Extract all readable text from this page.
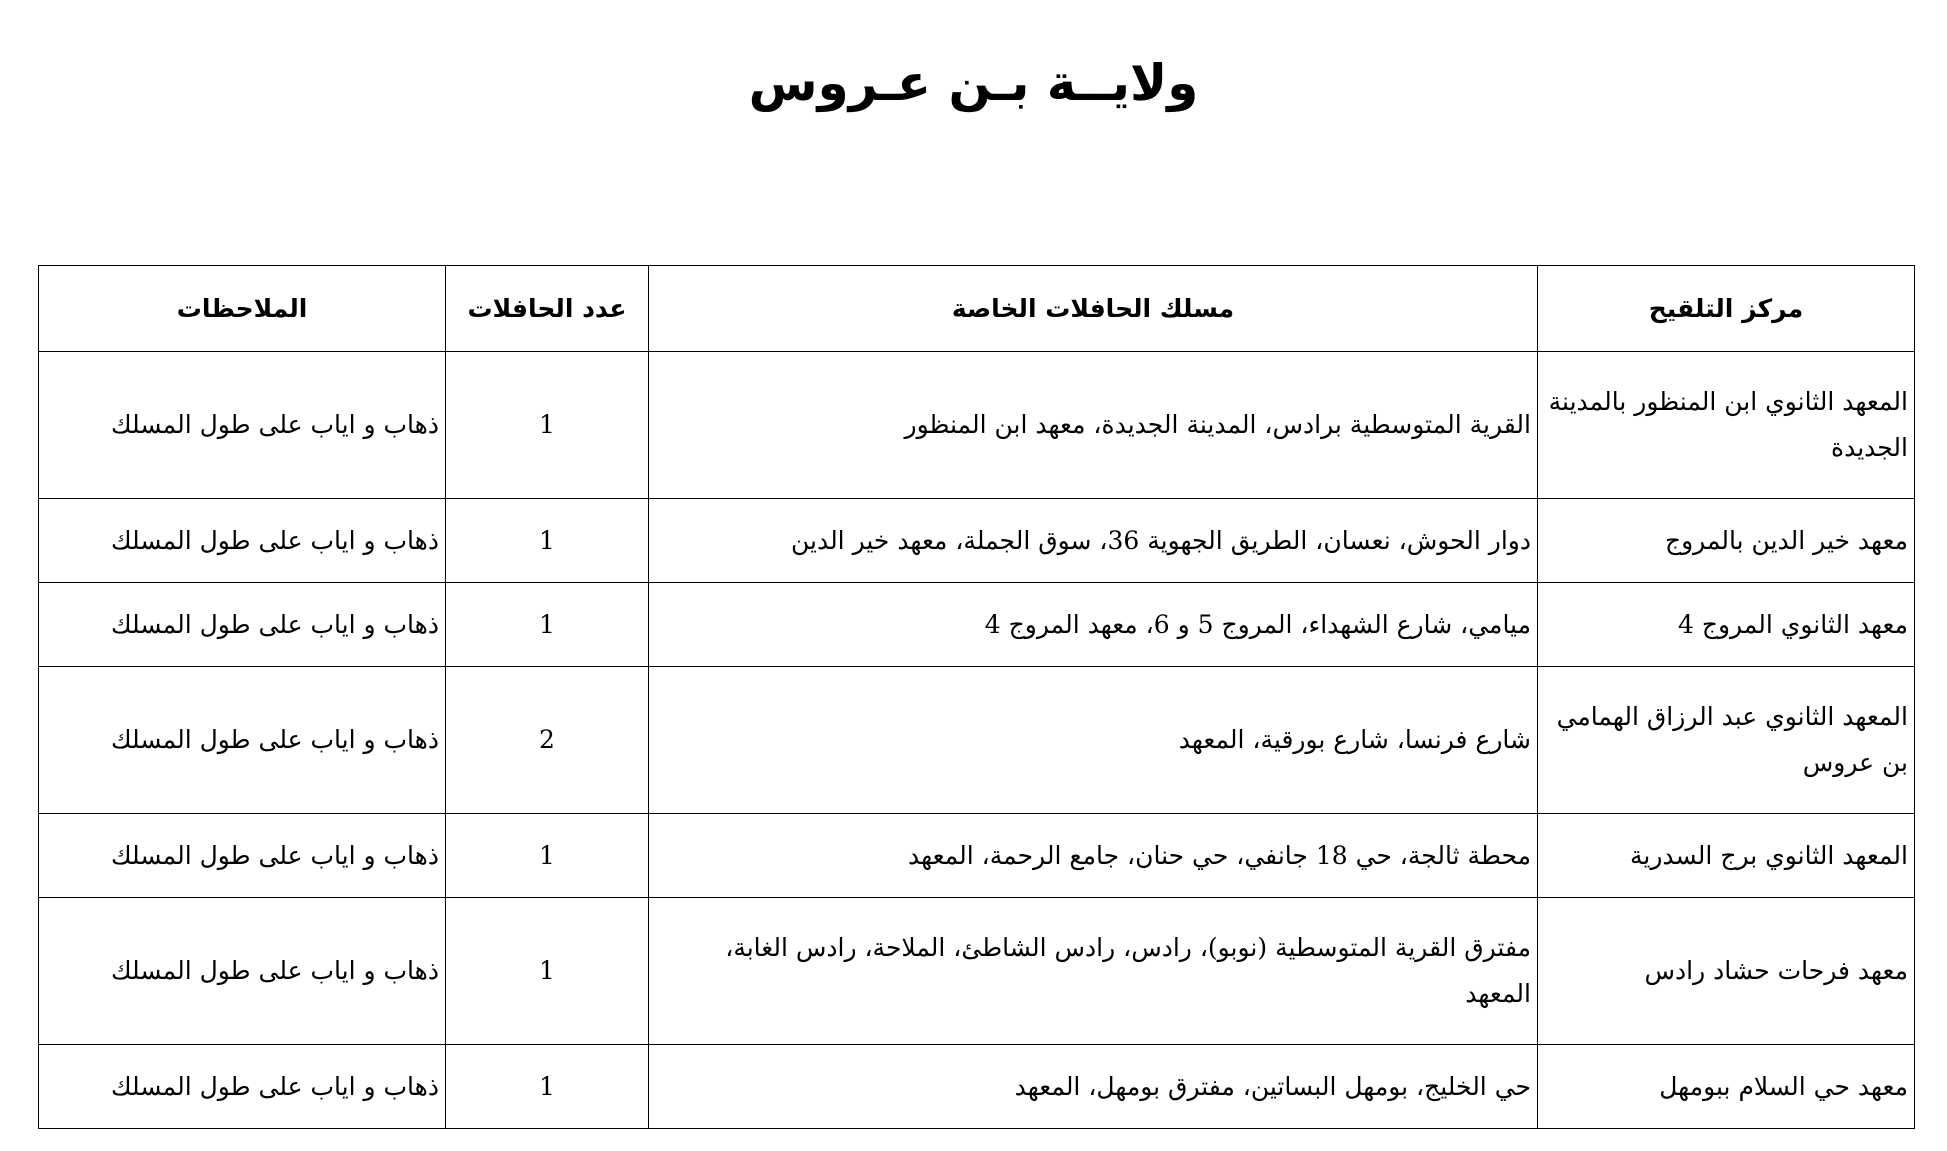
ولايــة بـن عـروس
مركز التلقيح	مسلك الحافلات الخاصة	عدد الحافلات	الملاحظات
المعهد الثانوي ابن المنظور بالمدينة الجديدة	القرية المتوسطية برادس، المدينة الجديدة، معهد ابن المنظور	1	ذهاب و اياب على طول المسلك
معهد خير الدين بالمروج	دوار الحوش، نعسان، الطريق الجهوية 36، سوق الجملة، معهد خير الدين	1	ذهاب و اياب على طول المسلك
معهد الثانوي المروج 4	ميامي، شارع الشهداء، المروج 5 و 6، معهد المروج 4	1	ذهاب و اياب على طول المسلك
المعهد الثانوي عبد الرزاق الهمامي بن عروس	شارع فرنسا، شارع بورقية، المعهد	2	ذهاب و اياب على طول المسلك
المعهد الثانوي برج السدرية	محطة ثالجة، حي 18 جانفي، حي حنان، جامع الرحمة، المعهد	1	ذهاب و اياب على طول المسلك
معهد فرحات حشاد رادس	مفترق القرية المتوسطية (نوبو)، رادس، رادس الشاطئ، الملاحة، رادس الغابة، المعهد	1	ذهاب و اياب على طول المسلك
معهد حي السلام ببومهل	حي الخليج، بومهل البساتين، مفترق بومهل، المعهد	1	ذهاب و اياب على طول المسلك
